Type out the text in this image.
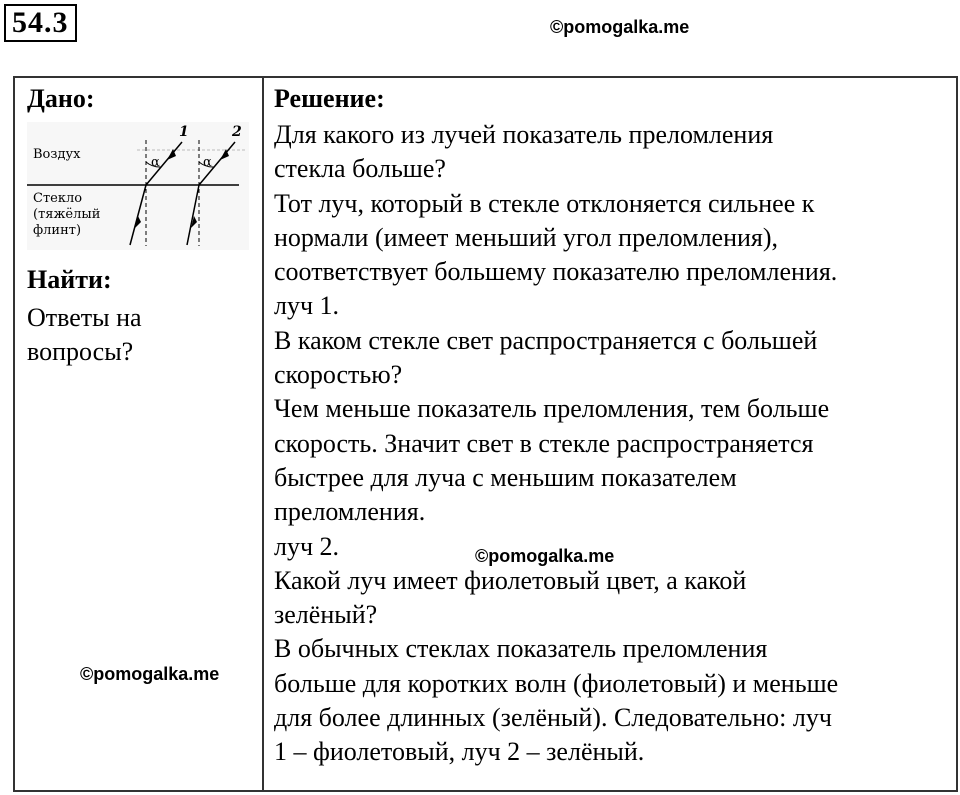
54.3	©pomogalka.me
Дано:
Воздух
Стекло
(тяжёлый
флинт)
α
1
α
2
Найти:
Ответы на
вопросы?

Решение:
Для какого из лучей показатель преломления
стекла больше?
Тот луч, который в стекле отклоняется сильнее к
нормали (имеет меньший угол преломления),
соответствует большему показателю преломления.
луч 1.
В каком стекле свет распространяется с большей
скоростью?
Чем меньше показатель преломления, тем больше
скорость. Значит свет в стекле распространяется
быстрее для луча с меньшим показателем
преломления.
луч 2.
Какой луч имеет фиолетовый цвет, а какой
зелёный?
В обычных стеклах показатель преломления
больше для коротких волн (фиолетовый) и меньше
для более длинных (зелёный). Следовательно: луч
1 – фиолетовый, луч 2 – зелёный.
©pomogalka.me
©pomogalka.me
